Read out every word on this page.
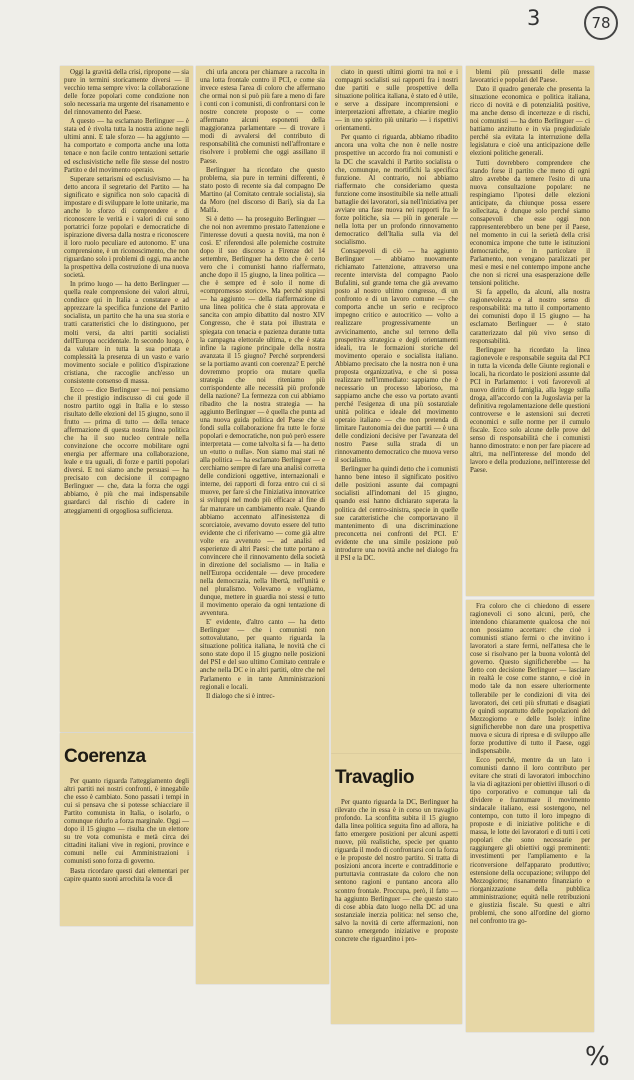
3	78

Oggi la gravità della crisi, ripropone — sia pure in termini storicamente diversi — il vecchio tema sempre vivo: la collaborazione delle forze popolari come condizione non solo necessaria ma urgente del risanamento e del rinnovamento del Paese.

A questo — ha esclamato Berlinguer — è stata ed è rivolta tutta la nostra azione negli ultimi anni. E tale sforzo — ha aggiunto — ha comportato e comporta anche una lotta tenace e non facile contro tentazioni settarie ed esclusivistiche nelle file stesse del nostro Partito e del movimento operaio.

Superare settarismi ed esclusivismo — ha detto ancora il segretario del Partito — ha significato e significa non solo capacità di impostare e di sviluppare le lotte unitarie, ma anche lo sforzo di comprendere e di riconoscere le verità e i valori di cui sono portatrici forze popolari e democratiche di ispirazione diversa dalla nostra e riconoscere il loro ruolo peculiare ed autonomo. E' una comprensione, è un riconoscimento, che non riguardano solo i problemi di oggi, ma anche la prospettiva della costruzione di una nuova società.

In primo luogo — ha detto Berlinguer — quella reale comprensione dei valori altrui, condiuce qui in Italia a constatare e ad apprezzare la specifica funzione del Partito socialista, un partito che ha una sua storia e tratti caratteristici che lo distinguono, per molti versi, da altri partiti socialisti dell'Europa occidentale. In secondo luogo, è da valutare in tutta la sua portata e complessità la presenza di un vasto e vario movimento sociale e politico d'ispirazione cristiana, che raccoglie anch'esso un consistente consenso di massa.

Ecco — dice Berlinguer — noi pensiamo che il prestigio indiscusso di cui gode il nostro partito oggi in Italia e lo stesso risultato delle elezioni del 15 giugno, sono il frutto — prima di tutto — della tenace affermazione di questa nostra linea politica che ha il suo nucleo centrale nella convinzione che occorre mobilitare ogni energia per affermare una collaborazione, leale e tra uguali, di forze e partiti popolari diversi. E noi siamo anche persuasi — ha precisato con decisione il compagno Berlinguer — che, data la forza che oggi abbiamo, è più che mai indispensabile guardarci dal rischio di cadere in atteggiamenti di orgogliosa sufficienza.

Coerenza

Per quanto riguarda l'atteggiamento degli altri partiti nei nostri confronti, è innegabile che esso è cambiato. Sono passati i tempi in cui si pensava che si potesse schiacciare il Partito comunista in Italia, o isolarlo, o comunque ridurlo a forza marginale. Oggi — dopo il 15 giugno — risulta che un elettore su tre vota comunista e metà circa dei cittadini italiani vive in regioni, province e comuni nelle cui Amministrazioni i comunisti sono forza di governo.

Basta ricordare questi dati elementari per capire quanto suoni arrochita la voce di

chi urla ancora per chiamare a raccolta in una lotta frontale contro il PCI, e come sia invece estesa l'area di coloro che affermano che ormai non si può più fare a meno di fare i conti con i comunisti, di confrontarsi con le nostre concrete proposte o — come affermano alcuni esponenti della maggioranza parlamentare — di trovare i modi di avvalersi del contributo di responsabilità che comunisti nell'affrontare e risolvere i problemi che oggi assillano il Paese.

Berlinguer ha ricordato che questo problema, sia pure in termini differenti, è stato posto di recente sia dal compagno De Martino (al Comitato centrale socialista), sia da Moro (nel discorso di Bari), sia da La Malfa.

Si è detto — ha proseguito Berlinguer — che noi non avremmo prestato l'attenzione e l'interesse dovuti a questa novità, ma non è così. E' riferendosi alle polemiche costruite dopo il suo discorso a Firenze del 14 settembre, Berlinguer ha detto che è certo vero che i comunisti hanno riaffermato, anche dopo il 15 giugno, la linea politica — che è sempre ed è solo il nome di «compromesso storico». Ma perché stupirsi — ha aggiunto — della riaffermazione di una linea politica che è stata approvata e sancita con ampio dibattito dal nostro XIV Congresso, che è stata poi illustrata e spiegata con tenacia e pazienza durante tutta la campagna elettorale ultima, e che è stata infine la ragione principale della nostra avanzata il 15 giugno? Perché sorprendersi se la portiamo avanti con coerenza? E perché dovremmo proprio ora mutare quella strategia che noi riteniamo più corrispondente alle necessità più profonde della nazione? La fermezza con cui abbiamo ribadito che la nostra strategia — ha aggiunto Berlinguer — è quella che punta ad una nuova guida politica del Paese che si fondi sulla collaborazione fra tutte le forze popolari e democratiche, non può però essere interpretata — come talvolta si fa — ha detto un «tutto o nulla». Non siamo mai stati né alla politica — ha esclamato Berlinguer — e cerchiamo sempre di fare una analisi corretta delle condizioni oggettive, internazionali e interne, dei rapporti di forza entro cui ci si muove, per fare sì che l'iniziativa innovatrice si sviluppi nel modo più efficace al fine di far maturare un cambiamento reale. Quando abbiamo accennato all'inesistenza di scorciatoie, avevamo dovuto essere del tutto evidente che ci riferivamo — come già altre volte era avvenuto — ad analisi ed esperienze di altri Paesi: che tutte portano a convincere che il rinnovamento della società in direzione del socialismo — in Italia e nell'Europa occidentale — deve procedere nella democrazia, nella libertà, nell'unità e nel pluralismo. Volevamo e vogliamo, dunque, mettere in guardia noi stessi e tutto il movimento operaio da ogni tentazione di avventura.

E' evidente, d'altro canto — ha detto Berlinguer — che i comunisti non sottovalutano, per quanto riguarda la situazione politica italiana, le novità che ci sono state dopo il 15 giugno nelle posizioni del PSI e del suo ultimo Comitato centrale e anche nella DC e in altri partiti, oltre che nel Parlamento e in tante Amministrazioni regionali e locali.

Il dialogo che si è intrec-

ciato in questi ultimi giorni tra noi e i compagni socialisti sui rapporti fra i nostri due partiti e sulle prospettive della situazione politica italiana, è stato ed è utile, e serve a dissipare incomprensioni e interpretazioni affrettate, a chiarire meglio — in uno spirito più unitario — i rispettivi orientamenti.

Per quanto ci riguarda, abbiamo ribadito ancora una volta che non è nelle nostre prospettive un accordo fra noi comunisti e la DC che scavalchi il Partito socialista o che, comunque, ne mortifichi la specifica funzione. Al contrario, noi abbiamo riaffermato che consideriamo questa funzione come insostituibile sia nelle attuali battaglie dei lavoratori, sia nell'iniziativa per avviare una fase nuova nei rapporti fra le forze politiche, sia — più in generale — nella lotta per un profondo rinnovamento democratico dell'Italia sulla via del socialismo.

Consapevoli di ciò — ha aggiunto Berlinguer — abbiamo nuovamente richiamato l'attenzione, attraverso una recente intervista del compagno Paolo Bufalini, sul grande tema che già avevamo posto al nostro ultimo congresso, di un confronto e di un lavoro comune — che comporta anche un serio e reciproco impegno critico e autocritico — volto a realizzare progressivamente un avvicinamento, anche sul terreno della prospettiva strategica e degli orientamenti ideali, tra le formazioni storiche del movimento operaio e socialista italiano. Abbiamo precisato che la nostra non è una proposta organizzativa, e che si possa realizzare nell'immediato: sappiamo che è necessario un processo laborioso, ma sappiamo anche che esso va portato avanti perché l'esigenza di una più sostanziale unità politica e ideale del movimento operaio italiano — che non pretenda di limitare l'autonomia dei due partiti — è una delle condizioni decisive per l'avanzata del nostro Paese sulla strada di un rinnovamento democratico che muova verso il socialismo.

Berlinguer ha quindi detto che i comunisti hanno bene inteso il significato positivo delle posizioni assunte dai compagni socialisti all'indomani del 15 giugno, quando essi hanno dichiarato superata la politica del centro-sinistra, specie in quelle sue caratteristiche che comportavano il mantenimento di una discriminazione preconcetta nei confronti del PCI. E' evidente che una simile posizione può introdurre una novità anche nel dialogo fra il PSI e la DC.

Travaglio

Per quanto riguarda la DC, Berlinguer ha rilevato che in essa è in corso un travaglio profondo. La sconfitta subita il 15 giugno dalla linea politica seguita fino ad allora, ha fatto emergere posizioni per alcuni aspetti nuove, più realistiche, specie per quanto riguarda il modo di confrontarsi con la forza e le proposte del nostro partito. Si tratta di posizioni ancora incerte e contraddittorie e purtuttavia contrastate da coloro che non sentono ragioni e puntano ancora allo scontro frontale. Proccupa, però, il fatto — ha aggiunto Berlinguer — che questo stato di cose abbia dato luogo nella DC ad una sostanziale inerzia politica: nel senso che, salvo la novità di certe affermazioni, non stanno emergendo iniziative e proposte concrete che riguardino i pro-

blemi più pressanti delle masse lavoratrici e popolari del Paese.

Dato il quadro generale che presenta la situazione economica e politica italiana, ricco di novità e di potenzialità positive, ma anche denso di incertezze e di rischi, noi comunisti — ha detto Berlinguer — ci battiamo anzitutto e in via pregiudiziale perché sia evitata la interruzione della legislatura e cioè una anticipazione delle elezioni politiche generali.

Tutti dovrebbero comprendere che stando forse il partito che meno di ogni altro avrebbe da temere l'esito di una nuova consultazione popolare: ne respingiamo l'ipotesi delle elezioni anticipate, da chiunque possa essere sollecitata, è dunque solo perché siamo consapevoli che esse oggi non rappresenterebbero un bene per il Paese, nel momento in cui la serietà della crisi economica impone che tutte le istituzioni democratiche, e in particolare il Parlamento, non vengano paralizzati per mesi e mesi e nel contempo impone anche che non si ricreì una esasperazione delle tensioni politiche.

Si fa appello, da alcuni, alla nostra ragionevolezza e al nostro senso di responsabilità: ma tutto il comportamento dei comunisti dopo il 15 giugno — ha esclamato Berlinguer — è stato caratterizzato dal più vivo senso di responsabilità.

Berlinguer ha ricordato la linea ragionevole e responsabile seguita dal PCI in tutta la vicenda delle Giunte regionali e locali, ha ricordato le posizioni assunte dal PCI in Parlamento: i voti favorevoli al nuovo diritto di famiglia, alla legge sulla droga, all'accordo con la Jugoslavia per la definitiva regolamentazione delle questioni controverse e le astensioni sui decreti economici e sulle norme per il cumulo fiscale. Ecco solo alcune delle prove del senso di responsabilità che i comunisti hanno dimostrato: e non per fare piacere ad altri, ma nell'interesse del mondo del lavoro e della produzione, nell'interesse del Paese.

Fra coloro che ci chiedono di essere ragionevoli ci sono alcuni, però, che intendono chiaramente qualcosa che noi non possiamo accettare: che cioè i comunisti stiano fermi o che invitino i lavoratori a stare fermi, nell'attesa che le cose si risolvano per la buona volontà del governo. Questo significherebbe — ha detto con decisione Berlinguer — lasciare in realtà le cose come stanno, e cioè in modo tale da non essere ulteriormente tollerabile per le condizioni di vita dei lavoratori, dei ceti più sfruttati e disagiati (e quindi soprattutto delle popolazioni del Mezzogiorno e delle Isole): infine significherebbe non dare una prospettiva nuova e sicura di ripresa e di sviluppo alle forze produttive di tutto il Paese, oggi indispensabile.

Ecco perché, mentre da un lato i comunisti danno il loro contributo per evitare che strati di lavoratori imbocchino la via di agitazioni per obiettivi illusori o di tipo corporativo e comunque tali da dividere e frantumare il movimento sindacale italiano, essi sostengono, nel contempo, con tutto il loro impegno di proposte e di iniziative politiche e di massa, le lotte dei lavoratori e di tutti i ceti popolari che sono necessarie per raggiungere gli obiettivi oggi preminenti: investimenti per l'ampliamento e la riconversione dell'apparato produttivo; estensione della occupazione; sviluppo del Mezzogiorno; risanamento finanziario e riorganizzazione della pubblica amministrazione; equità nelle retribuzioni e giustizia fiscale. Su questi e altri problemi, che sono all'ordine del giorno nel confronto tra go-

%
